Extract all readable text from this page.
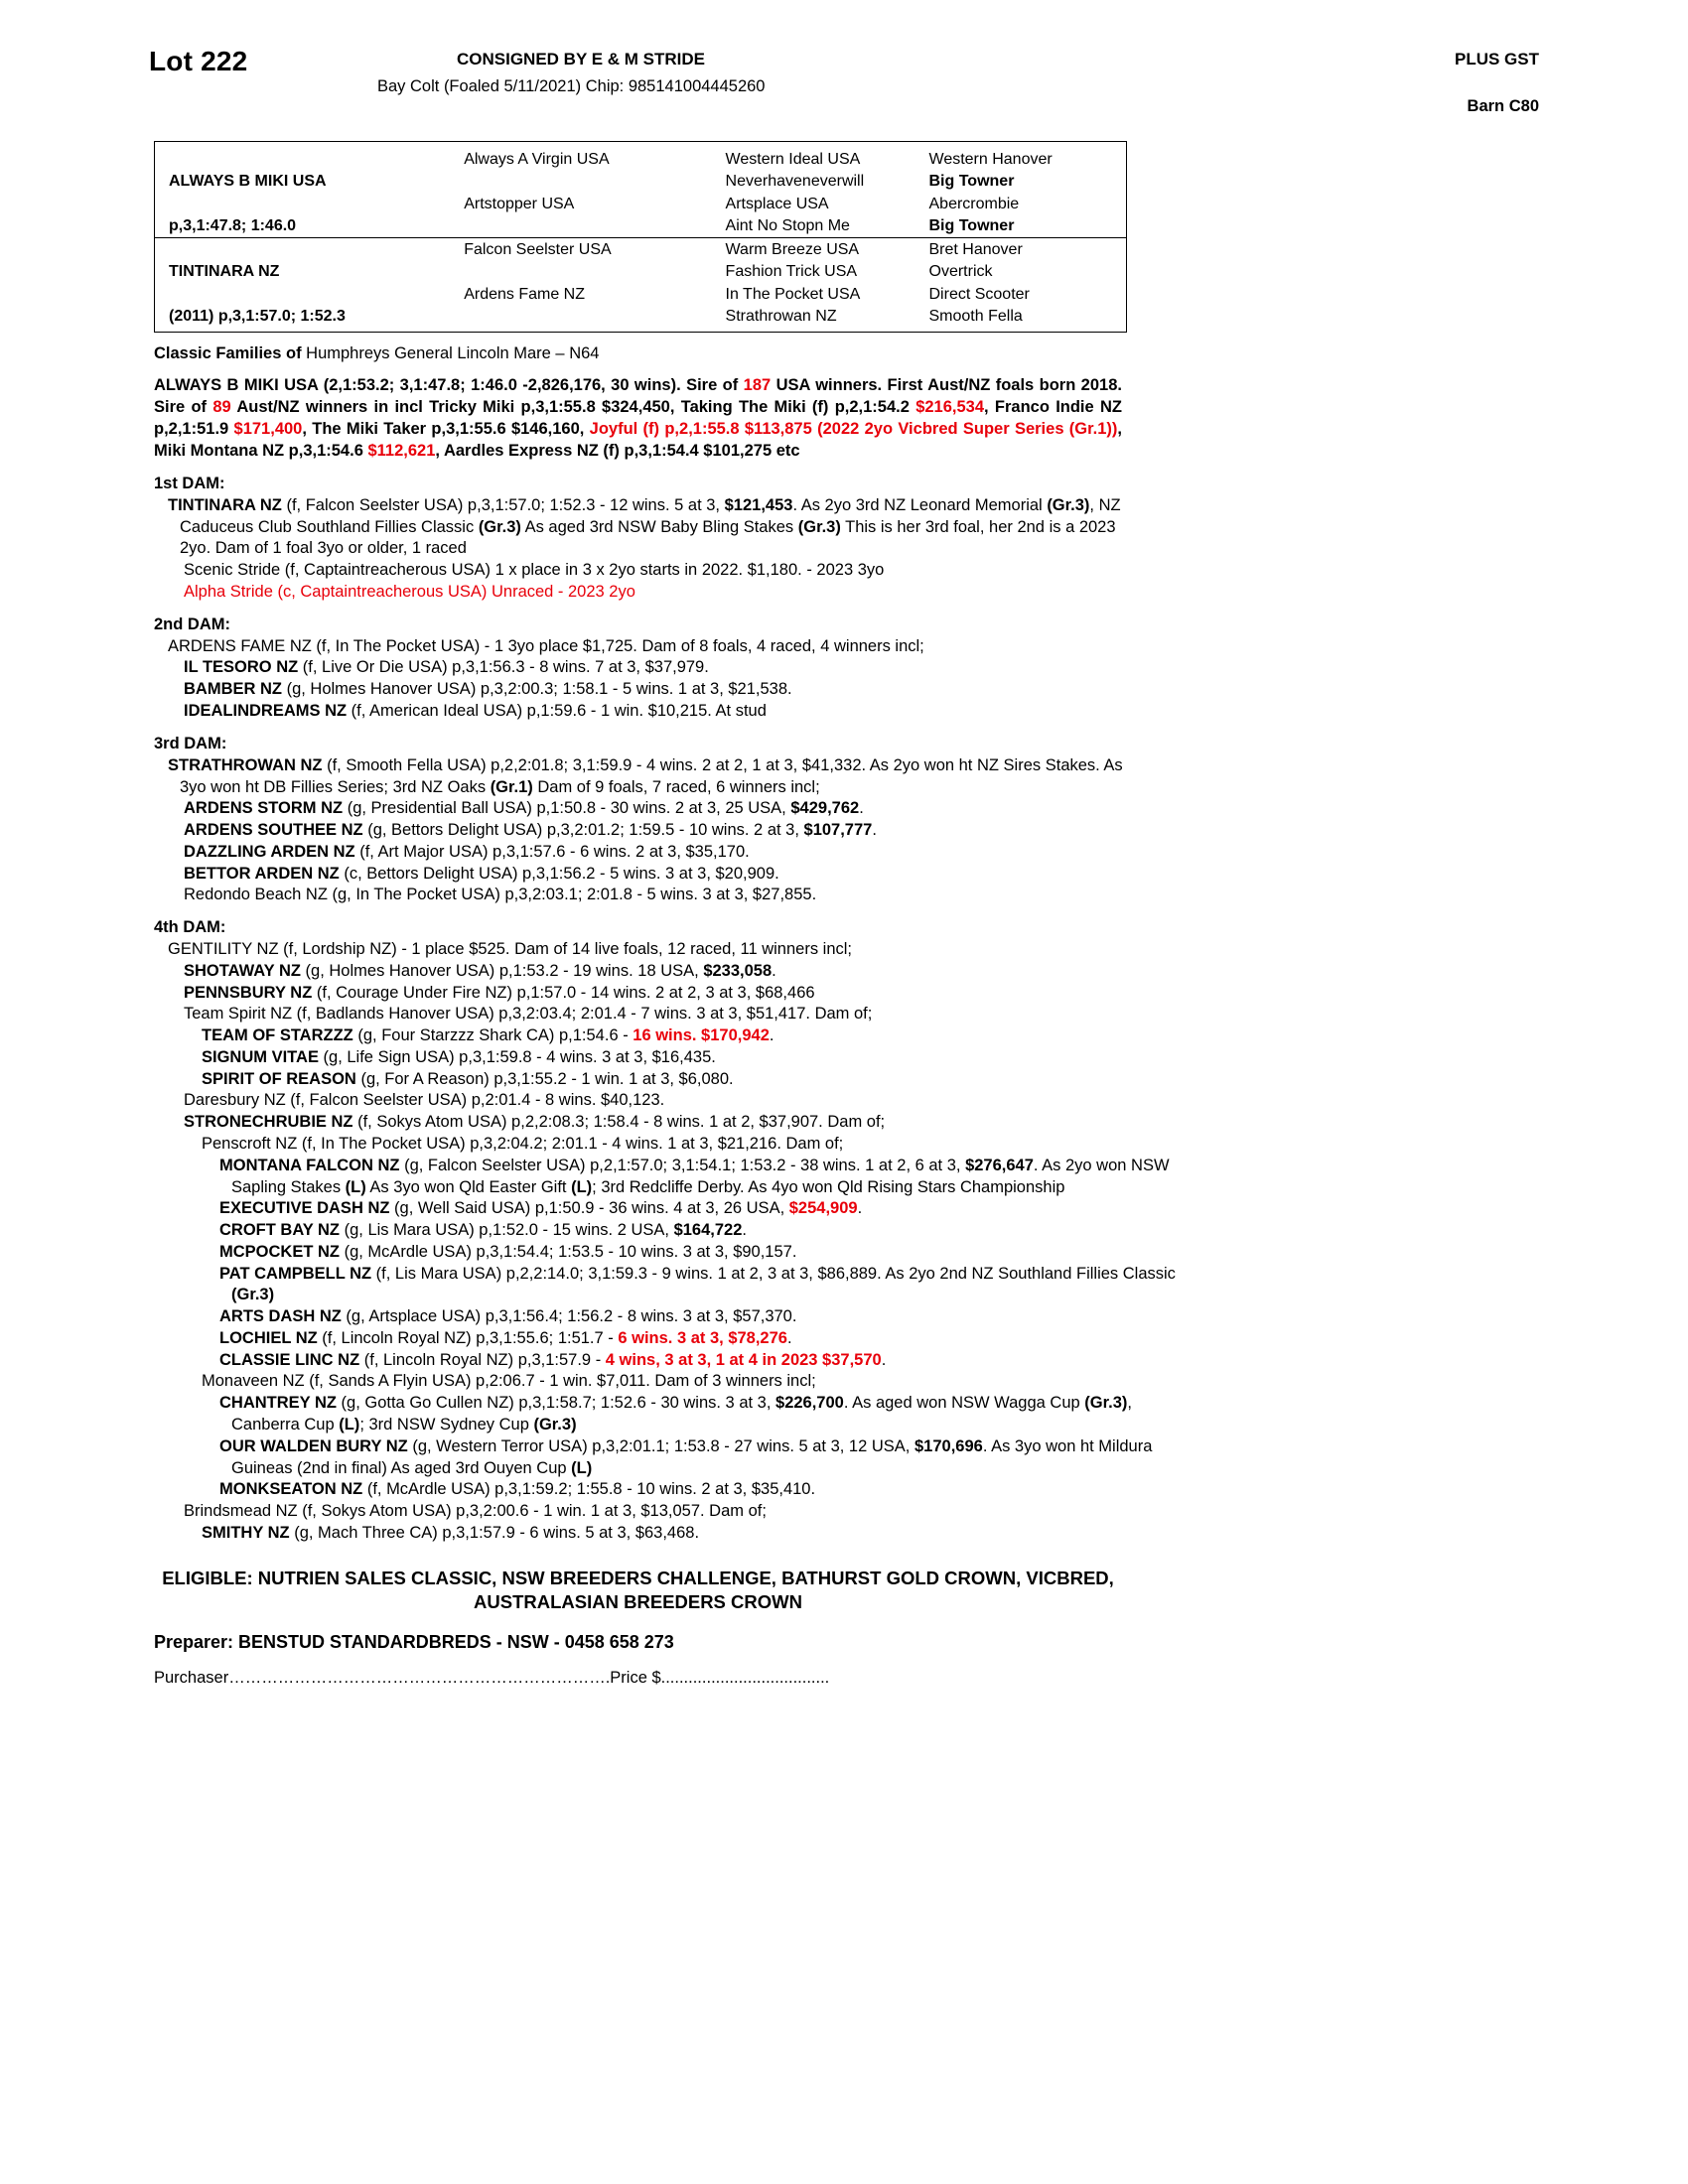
Lot 222	CONSIGNED BY E & M STRIDE	PLUS GST
Bay Colt (Foaled 5/11/2021) Chip: 985141004445260
Barn C80
	Always A Virgin USA	Western Ideal USA	Western Hanover
ALWAYS B MIKI USA		Neverhaveneverwill	Big Towner
	Artstopper USA	Artsplace USA	Abercrombie
p,3,1:47.8; 1:46.0		Aint No Stopn Me	Big Towner
	Falcon Seelster USA	Warm Breeze USA	Bret Hanover
TINTINARA NZ		Fashion Trick USA	Overtrick
	Ardens Fame NZ	In The Pocket USA	Direct Scooter
(2011) p,3,1:57.0; 1:52.3		Strathrowan NZ	Smooth Fella
Classic Families of Humphreys General Lincoln Mare – N64
ALWAYS B MIKI USA (2,1:53.2; 3,1:47.8; 1:46.0 -2,826,176, 30 wins). Sire of 187 USA winners. First Aust/NZ foals born 2018. Sire of 89 Aust/NZ winners in incl Tricky Miki p,3,1:55.8 $324,450, Taking The Miki (f) p,2,1:54.2 $216,534, Franco Indie NZ p,2,1:51.9 $171,400, The Miki Taker p,3,1:55.6 $146,160, Joyful (f) p,2,1:55.8 $113,875 (2022 2yo Vicbred Super Series (Gr.1)), Miki Montana NZ p,3,1:54.6 $112,621, Aardles Express NZ (f) p,3,1:54.4 $101,275 etc
1st DAM:
TINTINARA NZ (f, Falcon Seelster USA) p,3,1:57.0; 1:52.3 - 12 wins. 5 at 3, $121,453. As 2yo 3rd NZ Leonard Memorial (Gr.3), NZ Caduceus Club Southland Fillies Classic (Gr.3) As aged 3rd NSW Baby Bling Stakes (Gr.3) This is her 3rd foal, her 2nd is a 2023 2yo. Dam of 1 foal 3yo or older, 1 raced
Scenic Stride (f, Captaintreacherous USA) 1 x place in 3 x 2yo starts in 2022. $1,180. - 2023 3yo
Alpha Stride (c, Captaintreacherous USA) Unraced - 2023 2yo
2nd DAM:
ARDENS FAME NZ (f, In The Pocket USA) - 1 3yo place $1,725. Dam of 8 foals, 4 raced, 4 winners incl;
IL TESORO NZ (f, Live Or Die USA) p,3,1:56.3 - 8 wins. 7 at 3, $37,979.
BAMBER NZ (g, Holmes Hanover USA) p,3,2:00.3; 1:58.1 - 5 wins. 1 at 3, $21,538.
IDEALINDREAMS NZ (f, American Ideal USA) p,1:59.6 - 1 win. $10,215. At stud
3rd DAM:
STRATHROWAN NZ (f, Smooth Fella USA) p,2,2:01.8; 3,1:59.9 - 4 wins. 2 at 2, 1 at 3, $41,332. As 2yo won ht NZ Sires Stakes. As 3yo won ht DB Fillies Series; 3rd NZ Oaks (Gr.1) Dam of 9 foals, 7 raced, 6 winners incl;
ARDENS STORM NZ (g, Presidential Ball USA) p,1:50.8 - 30 wins. 2 at 3, 25 USA, $429,762.
ARDENS SOUTHEE NZ (g, Bettors Delight USA) p,3,2:01.2; 1:59.5 - 10 wins. 2 at 3, $107,777.
DAZZLING ARDEN NZ (f, Art Major USA) p,3,1:57.6 - 6 wins. 2 at 3, $35,170.
BETTOR ARDEN NZ (c, Bettors Delight USA) p,3,1:56.2 - 5 wins. 3 at 3, $20,909.
Redondo Beach NZ (g, In The Pocket USA) p,3,2:03.1; 2:01.8 - 5 wins. 3 at 3, $27,855.
4th DAM:
GENTILITY NZ (f, Lordship NZ) - 1 place $525. Dam of 14 live foals, 12 raced, 11 winners incl;
SHOTAWAY NZ (g, Holmes Hanover USA) p,1:53.2 - 19 wins. 18 USA, $233,058.
PENNSBURY NZ (f, Courage Under Fire NZ) p,1:57.0 - 14 wins. 2 at 2, 3 at 3, $68,466
Team Spirit NZ (f, Badlands Hanover USA) p,3,2:03.4; 2:01.4 - 7 wins. 3 at 3, $51,417. Dam of;
TEAM OF STARZZZ (g, Four Starzzz Shark CA) p,1:54.6 - 16 wins. $170,942.
SIGNUM VITAE (g, Life Sign USA) p,3,1:59.8 - 4 wins. 3 at 3, $16,435.
SPIRIT OF REASON (g, For A Reason) p,3,1:55.2 - 1 win. 1 at 3, $6,080.
Daresbury NZ (f, Falcon Seelster USA) p,2:01.4 - 8 wins. $40,123.
STRONECHRUBIE NZ (f, Sokys Atom USA) p,2,2:08.3; 1:58.4 - 8 wins. 1 at 2, $37,907. Dam of;
Penscroft NZ (f, In The Pocket USA) p,3,2:04.2; 2:01.1 - 4 wins. 1 at 3, $21,216. Dam of;
MONTANA FALCON NZ (g, Falcon Seelster USA) p,2,1:57.0; 3,1:54.1; 1:53.2 - 38 wins. 1 at 2, 6 at 3, $276,647. As 2yo won NSW Sapling Stakes (L) As 3yo won Qld Easter Gift (L); 3rd Redcliffe Derby. As 4yo won Qld Rising Stars Championship
EXECUTIVE DASH NZ (g, Well Said USA) p,1:50.9 - 36 wins. 4 at 3, 26 USA, $254,909.
CROFT BAY NZ (g, Lis Mara USA) p,1:52.0 - 15 wins. 2 USA, $164,722.
MCPOCKET NZ (g, McArdle USA) p,3,1:54.4; 1:53.5 - 10 wins. 3 at 3, $90,157.
PAT CAMPBELL NZ (f, Lis Mara USA) p,2,2:14.0; 3,1:59.3 - 9 wins. 1 at 2, 3 at 3, $86,889. As 2yo 2nd NZ Southland Fillies Classic (Gr.3)
ARTS DASH NZ (g, Artsplace USA) p,3,1:56.4; 1:56.2 - 8 wins. 3 at 3, $57,370.
LOCHIEL NZ (f, Lincoln Royal NZ) p,3,1:55.6; 1:51.7 - 6 wins. 3 at 3, $78,276.
CLASSIE LINC NZ (f, Lincoln Royal NZ) p,3,1:57.9 - 4 wins, 3 at 3, 1 at 4 in 2023 $37,570.
Monaveen NZ (f, Sands A Flyin USA) p,2:06.7 - 1 win. $7,011. Dam of 3 winners incl;
CHANTREY NZ (g, Gotta Go Cullen NZ) p,3,1:58.7; 1:52.6 - 30 wins. 3 at 3, $226,700. As aged won NSW Wagga Cup (Gr.3), Canberra Cup (L); 3rd NSW Sydney Cup (Gr.3)
OUR WALDEN BURY NZ (g, Western Terror USA) p,3,2:01.1; 1:53.8 - 27 wins. 5 at 3, 12 USA, $170,696. As 3yo won ht Mildura Guineas (2nd in final) As aged 3rd Ouyen Cup (L)
MONKSEATON NZ (f, McArdle USA) p,3,1:59.2; 1:55.8 - 10 wins. 2 at 3, $35,410.
Brindsmead NZ (f, Sokys Atom USA) p,3,2:00.6 - 1 win. 1 at 3, $13,057. Dam of;
SMITHY NZ (g, Mach Three CA) p,3,1:57.9 - 6 wins. 5 at 3, $63,468.
ELIGIBLE: NUTRIEN SALES CLASSIC, NSW BREEDERS CHALLENGE, BATHURST GOLD CROWN, VICBRED, AUSTRALASIAN BREEDERS CROWN
Preparer: BENSTUD STANDARDBREDS - NSW - 0458 658 273
Purchaser…………………………………………………………….Price $.....................................
